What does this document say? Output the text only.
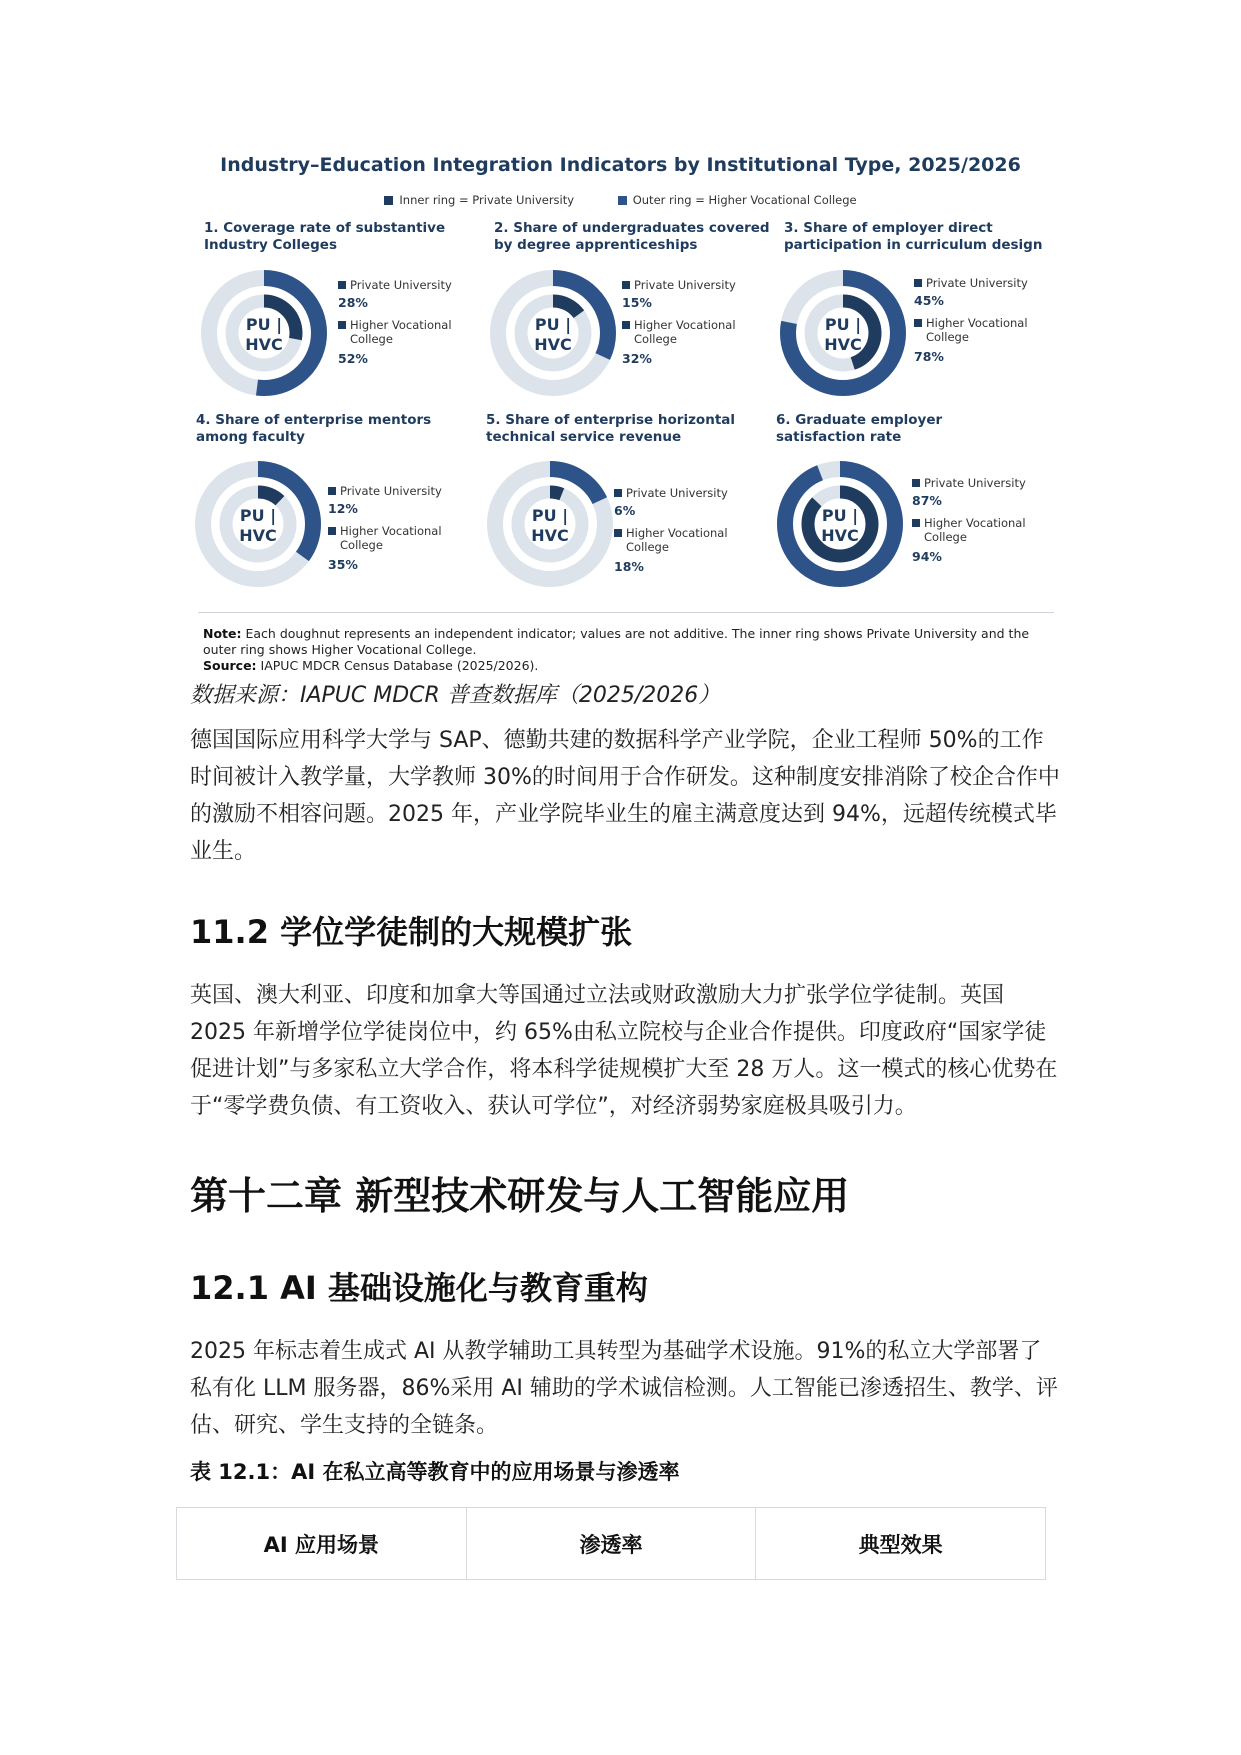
Industry–Education Integration Indicators by Institutional Type, 2025/2026
Inner ring = Private University	Outer ring = Higher Vocational College
1. Coverage rate of substantive
Industry Colleges
PU |
HVC
Private University
28%
Higher Vocational
College
52%
2. Share of undergraduates covered
by degree apprenticeships
PU |
HVC
Private University
15%
Higher Vocational
College
32%
3. Share of employer direct
participation in curriculum design
PU |
HVC
Private University
45%
Higher Vocational
College
78%
4. Share of enterprise mentors
among faculty
PU |
HVC
Private University
12%
Higher Vocational
College
35%
5. Share of enterprise horizontal
technical service revenue
PU |
HVC
Private University
6%
Higher Vocational
College
18%
6. Graduate employer
satisfaction rate
PU |
HVC
Private University
87%
Higher Vocational
College
94%
Note: Each doughnut represents an independent indicator; values are not additive. The inner ring shows Private University and the outer ring shows Higher Vocational College.
Source: IAPUC MDCR Census Database (2025/2026).
数据来源：IAPUC MDCR 普查数据库（2025/2026）
德国国际应用科学大学与 SAP、德勤共建的数据科学产业学院，企业工程师 50%的工作时间被计入教学量，大学教师 30%的时间用于合作研发。这种制度安排消除了校企合作中的激励不相容问题。2025 年，产业学院毕业生的雇主满意度达到 94%，远超传统模式毕业生。
11.2 学位学徒制的大规模扩张
英国、澳大利亚、印度和加拿大等国通过立法或财政激励大力扩张学位学徒制。英国 2025 年新增学位学徒岗位中，约 65%由私立院校与企业合作提供。印度政府“国家学徒促进计划”与多家私立大学合作，将本科学徒规模扩大至 28 万人。这一模式的核心优势在于“零学费负债、有工资收入、获认可学位”，对经济弱势家庭极具吸引力。
第十二章 新型技术研发与人工智能应用
12.1 AI 基础设施化与教育重构
2025 年标志着生成式 AI 从教学辅助工具转型为基础学术设施。91%的私立大学部署了私有化 LLM 服务器，86%采用 AI 辅助的学术诚信检测。人工智能已渗透招生、教学、评估、研究、学生支持的全链条。
表 12.1：AI 在私立高等教育中的应用场景与渗透率
AI 应用场景	渗透率	典型效果
